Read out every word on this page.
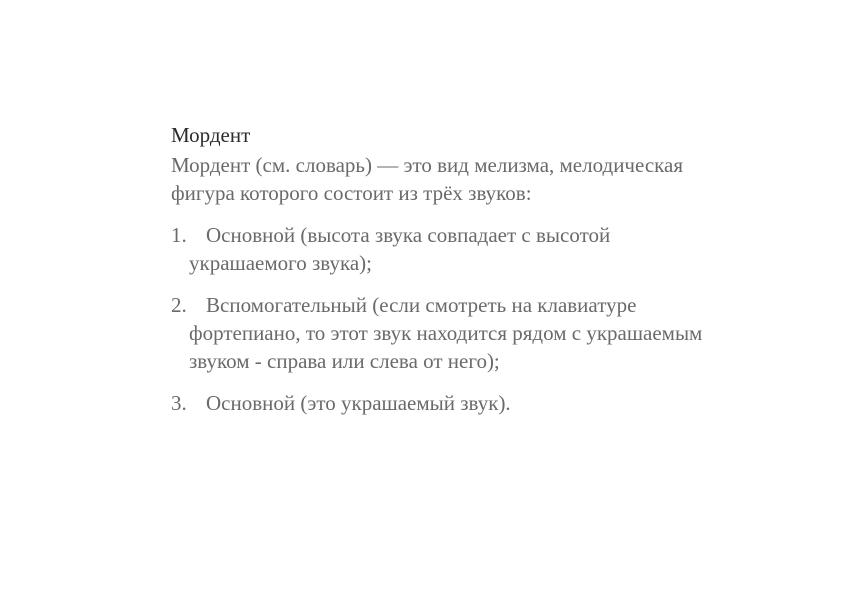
Мордент

Мордент (см. словарь) — это вид мелизма, мелодическая фигура которого состоит из трёх звуков:

1. Основной (высота звука совпадает с высотой украшаемого звука);
2. Вспомогательный (если смотреть на клавиатуре фортепиано, то этот звук находится рядом с украшаемым звуком - справа или слева от него);
3. Основной (это украшаемый звук).
